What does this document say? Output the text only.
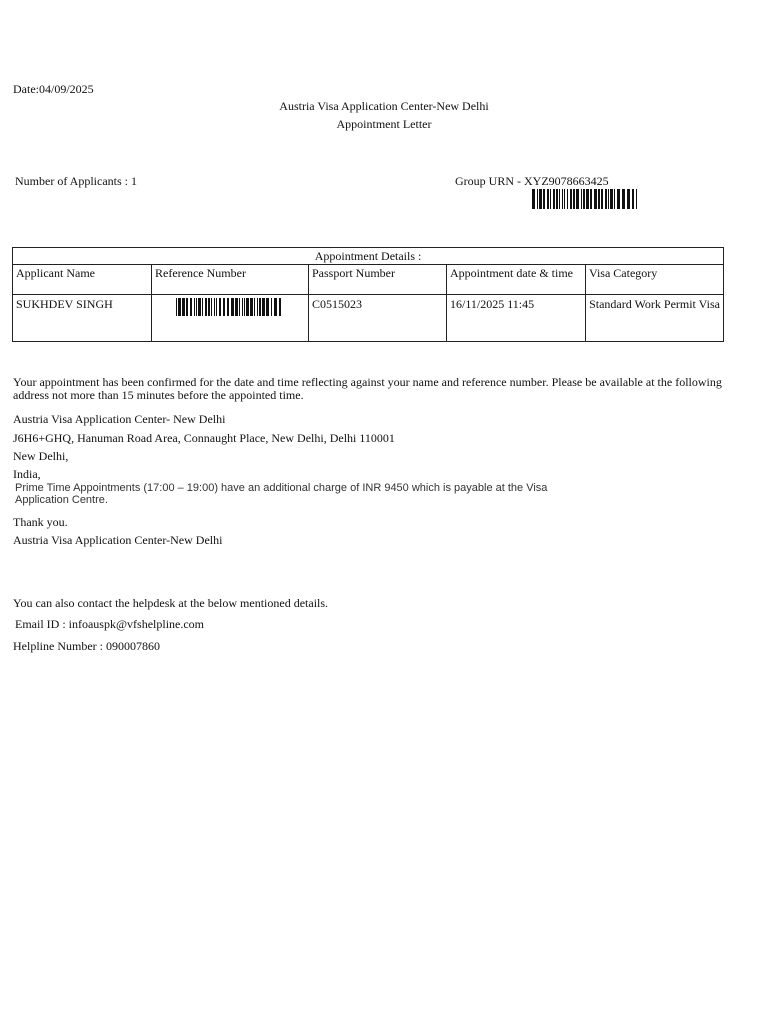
Date:04/09/2025
Austria Visa Application Center-New Delhi
Appointment Letter
Number of Applicants : 1	Group URN - XYZ9078663425
Appointment Details :				
Applicant Name	Reference Number	Passport Number	Appointment date & time	Visa Category
SUKHDEV SINGH		C0515023	16/11/2025 11:45	Standard Work Permit Visa
Your appointment has been confirmed for the date and time reflecting against your name and reference number. Please be available at the following address not more than 15 minutes before the appointed time.
Austria Visa Application Center- New Delhi
J6H6+GHQ, Hanuman Road Area, Connaught Place, New Delhi, Delhi 110001
New Delhi,
India,
Prime Time Appointments (17:00 – 19:00) have an additional charge of INR 9450 which is payable at the Visa Application Centre.
Thank you.
Austria Visa Application Center-New Delhi
You can also contact the helpdesk at the below mentioned details.
Email ID : infoauspk@vfshelpline.com
Helpline Number : 090007860
